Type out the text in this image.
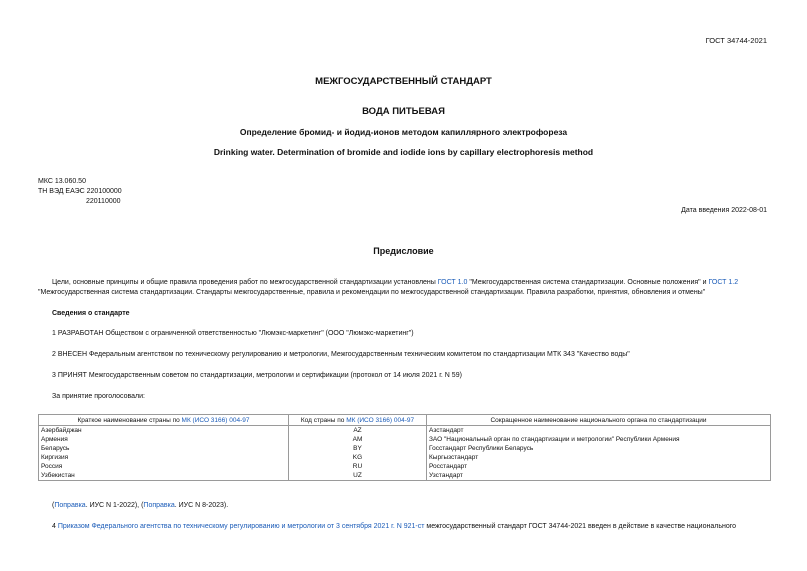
ГОСТ 34744-2021
МЕЖГОСУДАРСТВЕННЫЙ СТАНДАРТ
ВОДА ПИТЬЕВАЯ
Определение бромид- и йодид-ионов методом капиллярного электрофореза
Drinking water. Determination of bromide and iodide ions by capillary electrophoresis method
МКС 13.060.50
ТН ВЭД ЕАЭС 220100000
220110000
Дата введения 2022-08-01
Предисловие
Цели, основные принципы и общие правила проведения работ по межгосударственной стандартизации установлены ГОСТ 1.0 "Межгосударственная система стандартизации. Основные положения" и ГОСТ 1.2 "Межгосударственная система стандартизации. Стандарты межгосударственные, правила и рекомендации по межгосударственной стандартизации. Правила разработки, принятия, обновления и отмены"
Сведения о стандарте
1 РАЗРАБОТАН Обществом с ограниченной ответственностью "Люмэкс-маркетинг" (ООО "Люмэкс-маркетинг")
2 ВНЕСЕН Федеральным агентством по техническому регулированию и метрологии, Межгосударственным техническим комитетом по стандартизации МТК 343 "Качество воды"
3 ПРИНЯТ Межгосударственным советом по стандартизации, метрологии и сертификации (протокол от 14 июля 2021 г. N 59)
За принятие проголосовали:
Краткое наименование страны по МК (ИСО 3166) 004-97	Код страны по МК (ИСО 3166) 004-97	Сокращенное наименование национального органа по стандартизации
Азербайджан	AZ	Азстандарт
Армения	AM	ЗАО "Национальный орган по стандартизации и метрологии" Республики Армения
Беларусь	BY	Госстандарт Республики Беларусь
Киргизия	KG	Кыргызстандарт
Россия	RU	Росстандарт
Узбекистан	UZ	Узстандарт
(Поправка. ИУС N 1-2022), (Поправка. ИУС N 8-2023).
4 Приказом Федерального агентства по техническому регулированию и метрологии от 3 сентября 2021 г. N 921-ст межгосударственный стандарт ГОСТ 34744-2021 введен в действие в качестве национального
